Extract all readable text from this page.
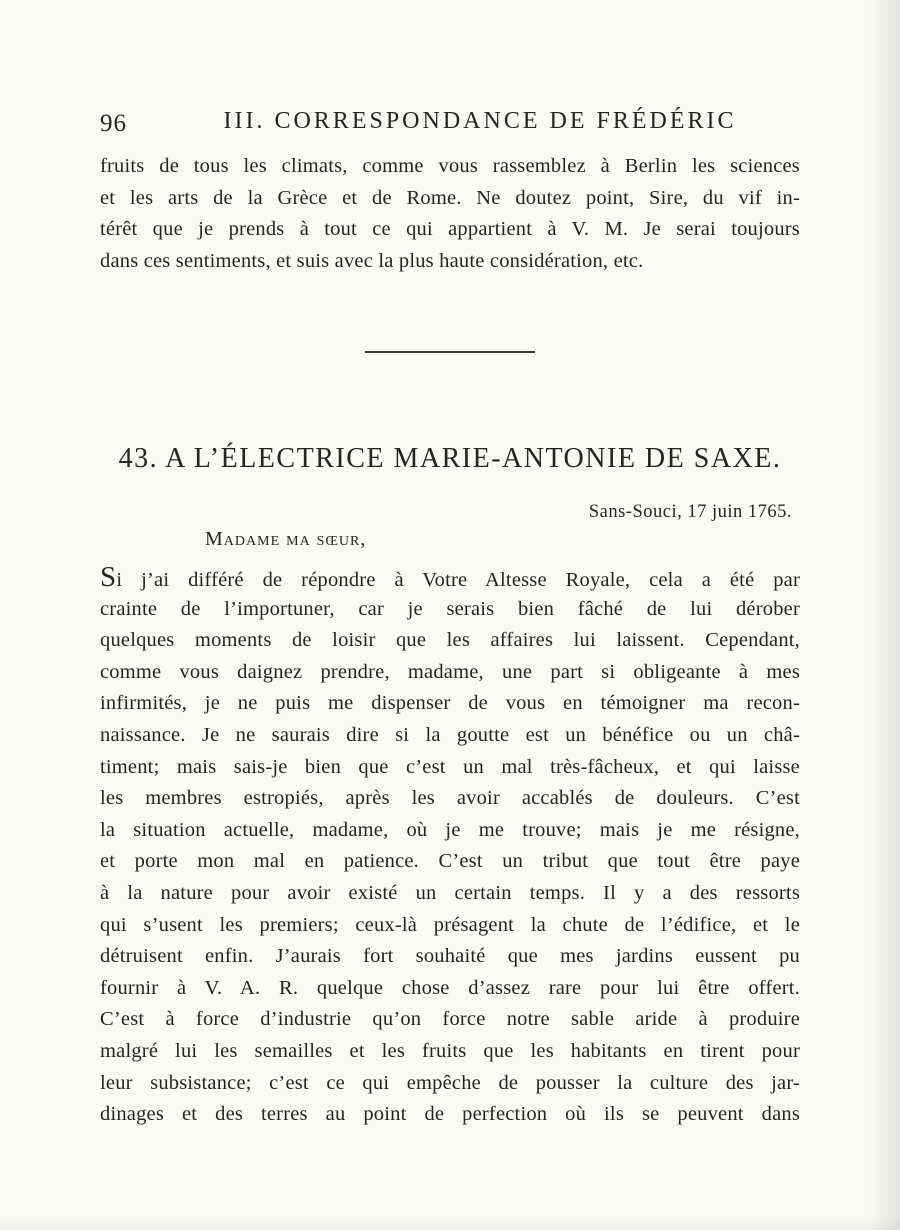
96	III. CORRESPONDANCE DE FRÉDÉRIC
fruits de tous les climats, comme vous rassemblez à Berlin les sciences
et les arts de la Grèce et de Rome. Ne doutez point, Sire, du vif in-
térêt que je prends à tout ce qui appartient à V. M. Je serai toujours
dans ces sentiments, et suis avec la plus haute considération, etc.
43. A L’ÉLECTRICE MARIE-ANTONIE DE SAXE.
Sans-Souci, 17 juin 1765.
Madame ma sœur,
Si j’ai différé de répondre à Votre Altesse Royale, cela a été par
crainte de l’importuner, car je serais bien fâché de lui dérober
quelques moments de loisir que les affaires lui laissent. Cependant,
comme vous daignez prendre, madame, une part si obligeante à mes
infirmités, je ne puis me dispenser de vous en témoigner ma recon-
naissance. Je ne saurais dire si la goutte est un bénéfice ou un châ-
timent; mais sais-je bien que c’est un mal très-fâcheux, et qui laisse
les membres estropiés, après les avoir accablés de douleurs. C’est
la situation actuelle, madame, où je me trouve; mais je me résigne,
et porte mon mal en patience. C’est un tribut que tout être paye
à la nature pour avoir existé un certain temps. Il y a des ressorts
qui s’usent les premiers; ceux-là présagent la chute de l’édifice, et le
détruisent enfin. J’aurais fort souhaité que mes jardins eussent pu
fournir à V. A. R. quelque chose d’assez rare pour lui être offert.
C’est à force d’industrie qu’on force notre sable aride à produire
malgré lui les semailles et les fruits que les habitants en tirent pour
leur subsistance; c’est ce qui empêche de pousser la culture des jar-
dinages et des terres au point de perfection où ils se peuvent dans
